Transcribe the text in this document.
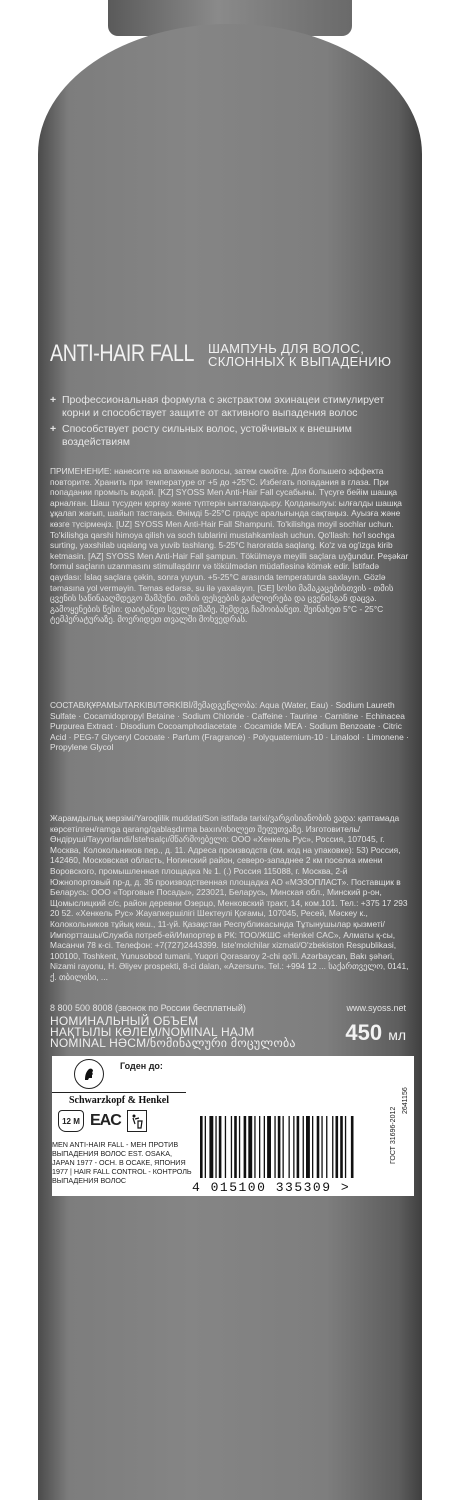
ANTI-HAIR FALL ШАМПУНЬ ДЛЯ ВОЛОС, СКЛОННЫХ К ВЫПАДЕНИЮ
+ Профессиональная формула с экстрактом эхинацеи стимулирует корни и способствует защите от активного выпадения волос
+ Способствует росту сильных волос, устойчивых к внешним воздействиям
ПРИМЕНЕНИЕ: нанесите на влажные волосы, затем смойте. Для большего эффекта повторите. Хранить при температуре от +5 до +25°С. Избегать попадания в глаза. При попадании промыть водой. [KZ] SYOSS Men Anti-Hair Fall сусабыны. Түсуге бейім шашқа арналған. Шаш түсуден қорғау және түптерін ынталандыру. Қолданылуы: ылғалды шашқа ұқалап жағып, шайып тастаңыз. Өнімді 5-25°С градус аралығында сақтаңыз. Ауызға және көзге түсірмеңіз. [UZ] SYOSS Men Anti-Hair Fall Shampuni. To'kilishga moyil sochlar uchun. To'kilishga qarshi himoya qilish va soch tublarini mustahkamlash uchun. Qo'llash: ho'l sochga surting, yaxshilab uqalang va yuvib tashlang. 5-25°C haroratda saqlang. Ko'z va og'izga kirib ketmasin. [AZ] SYOSS Men Anti-Hair Fall şampun. Tökülməyə meyilli saçlara uyğundur. Peşəkar formul saçların uzanmasını stimullaşdırır və tökülmədən müdafiəsinə kömək edir. İstifadə qaydası: İslaq saçlara çəkin, sonra yuyun. +5-25°C arasında temperaturda saxlayın. Gözlə təmasına yol verməyin. Temas edərsə, su ilə yaxalayın. [GE] სოსი მამაკაცებისთვის - თმის ცვენის საწინააღმდეგო შამპუნი. თმის ფესვების გაძლიერება და ცვენისგან დაცვა. გამოყენების წესი: დაიტანეთ სველ თმაზე, შემდეგ ჩამოიბანეთ. შეინახეთ 5°C - 25°C ტემპერატურაზე. მოერიდეთ თვალში მოხვედრას.
СОСТАВ/ҚҰРАМЫ/TARKIBI/TƏRKİBİ/შემადგენლობა: Aqua (Water, Eau) · Sodium Laureth Sulfate · Cocamidopropyl Betaine · Sodium Chloride · Caffeine · Taurine · Carnitine · Echinacea Purpurea Extract · Disodium Cocoamphodiacetate · Cocamide MEA · Sodium Benzoate · Citric Acid · PEG-7 Glyceryl Cocoate · Parfum (Fragrance) · Polyquaternium-10 · Linalool · Limonene · Propylene Glycol
Жарамдылық мерзімі/Yaroqlilik muddati/Son istifadə tarixi/ვარგისიანობის ვადა: қаптамада көрсетілген/ramga qarang/qablaşdırma baxın/იხილეთ შეფუთვაზე. Изготовитель/Өндіруші/Tayyorlandi/İstehsalçı/მწარმოებელი: ООО «Хенкель Рус», Россия, 107045, г. Москва, Колокольников пер., д. 11. Адреса производств (см. код на упаковке): 53) Россия, 142460, Московская область, Ногинский район, северо-западнее 2 км поселка имени Воровского, промышленная площадка № 1. (.) Россия 115088, г. Москва, 2-й Южнопортовый пр-д, д. 35 производственная площадка АО «МЭЗОПЛАСТ». Поставщик в Беларусь: ООО «Торговые Посады», 223021, Беларусь, Минская обл., Минский р-он, Щомыслицкий с/с, район деревни Озерцо, Менковский тракт, 14, ком.101. Тел.: +375 17 293 20 52. «Хенкель Рус» Жауапкершілігі Шектеулі Қоғамы, 107045, Ресей, Мәскеу к., Колокольников тұйық көш., 11-үй. Қазақстан Республикасында Тұтынушылар қызметі/Импортташы/Служба потреб-ей/Импортер в РК: ТОО/ЖШС «Henkel CAC», Алматы қ-сы, Масанчи 78 к-сі. Телефон: +7(727)2443399. Iste'molchilar xizmati/O'zbekiston Respublikasi, 100100, Toshkent, Yunusobod tumani, Yuqori Qorasaroy 2-chi qo'li. Azərbaycan, Bakı şəhəri, Nizami rayonu, H. Əliyev prospekti, 8-ci dalan, «Azersun». Tel.: +994 12 ... საქართველო, 0141, ქ. თბილისი, ...
8 800 500 8008 (звонок по России бесплатный)	www.syoss.net
НОМИНАЛЬНЫЙ ОБЪЕМ
НАҚТЫЛЫ КӨЛЕМ/NOMINAL HAJM
NOMINAL HƏCM/ნომინალური მოცულობა	450 мл
Годен до:
Schwarzkopf & Henkel
12 M EAC
MEN ANTI-HAIR FALL - МЕН ПРОТИВ ВЫПАДЕНИЯ ВОЛОС EST. OSAKA, JAPAN 1977 - ОСН. В ОСАКЕ, ЯПОНИЯ 1977 | HAIR FALL CONTROL - КОНТРОЛЬ ВЫПАДЕНИЯ ВОЛОС	4 015100 335309 >
ГОСТ 31696-2012
2641156
